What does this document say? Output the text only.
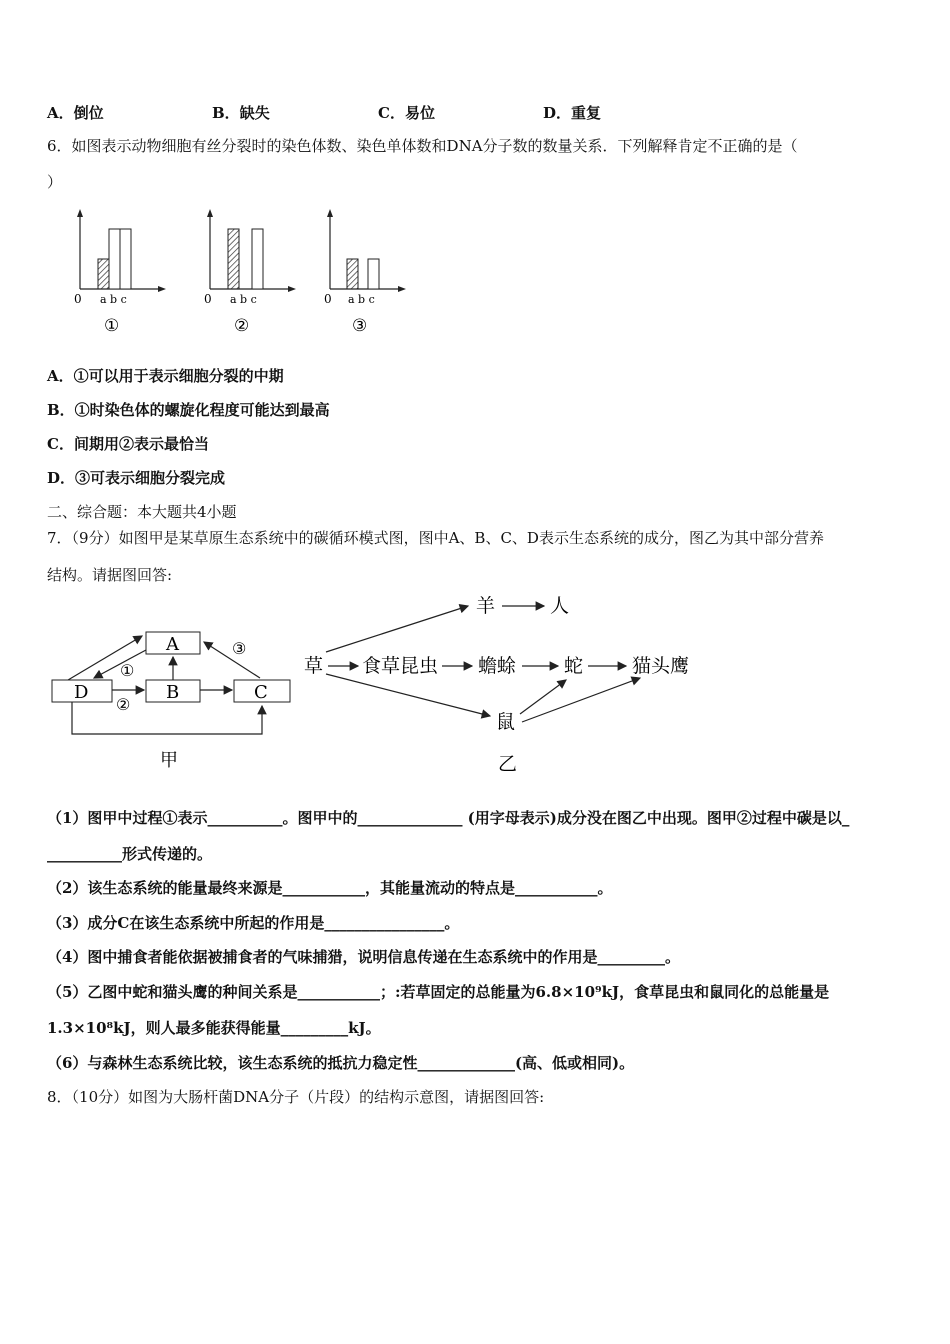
A．倒位	B．缺失	C．易位	D．重复
6．如图表示动物细胞有丝分裂时的染色体数、染色单体数和DNA分子数的数量关系．下列解释肯定不正确的是（
）
0 a b c
①
0 a b c
②
0 a b c
③
A．①可以用于表示细胞分裂的中期
B．①时染色体的螺旋化程度可能达到最高
C．间期用②表示最恰当
D．③可表示细胞分裂完成
二、综合题：本大题共4小题
7．（9分）如图甲是某草原生态系统中的碳循环模式图，图中A、B、C、D表示生态系统的成分，图乙为其中部分营养
结构。请据图回答:
A
B	C
D
①
②
③
甲
草
羊	人
食草昆虫 蟾蜍	蛇	猫头鹰
鼠
乙
（1）图甲中过程①表示__________。图甲中的______________ (用字母表示)成分没在图乙中出现。图甲②过程中碳是以_
__________形式传递的。
（2）该生态系统的能量最终来源是___________，其能量流动的特点是___________。
（3）成分C在该生态系统中所起的作用是________________。
（4）图中捕食者能依据被捕食者的气味捕猎，说明信息传递在生态系统中的作用是_________。
（5）乙图中蛇和猫头鹰的种间关系是___________；:若草固定的总能量为6.8×10⁹kJ，食草昆虫和鼠同化的总能量是
1.3×10⁸kJ，则人最多能获得能量_________kJ。
（6）与森林生态系统比较，该生态系统的抵抗力稳定性_____________(高、低或相同)。
8．（10分）如图为大肠杆菌DNA分子（片段）的结构示意图，请据图回答:
